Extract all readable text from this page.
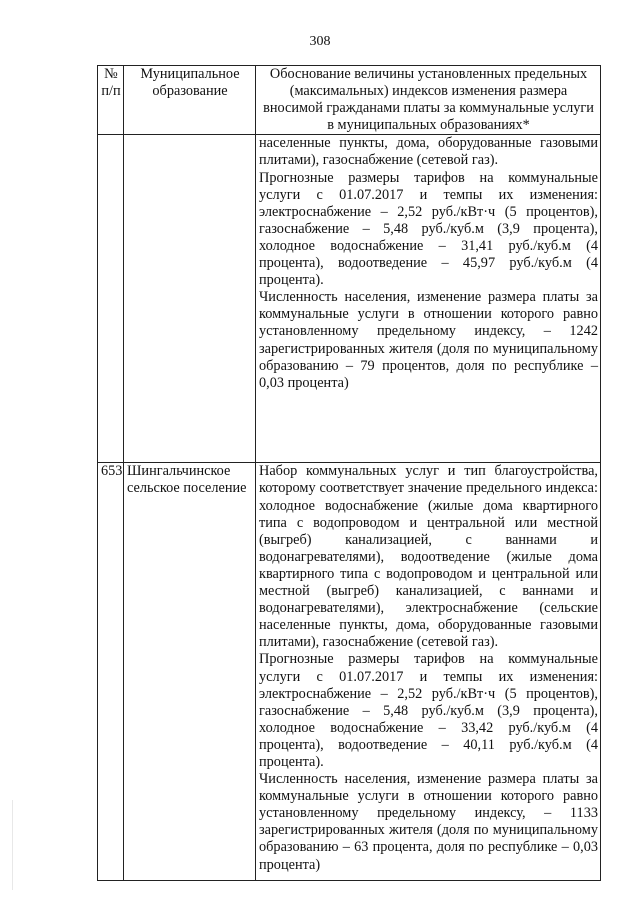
308
№ п/п	Муниципальное образование	Обоснование величины установленных предельных (максимальных) индексов изменения размера вносимой гражданами платы за коммунальные услуги в муниципальных образованиях*

		населенные пункты, дома, оборудованные газовыми плитами), газоснабжение (сетевой газ).

Прогнозные размеры тарифов на коммунальные услуги с 01.07.2017 и темпы их изменения: электроснабжение – 2,52 руб./кВт·ч (5 процентов), газоснабжение – 5,48 руб./куб.м (3,9 процента), холодное водоснабжение – 31,41 руб./куб.м (4 процента), водоотведение – 45,97 руб./куб.м (4 процента).

Численность населения, изменение размера платы за коммунальные услуги в отношении которого равно установленному предельному индексу, – 1242 зарегистрированных жителя (доля по муниципальному образованию – 79 процентов, доля по республике – 0,03 процента)

653	Шингальчинское сельское поселение	Набор коммунальных услуг и тип благоустройства, которому соответствует значение предельного индекса: холодное водоснабжение (жилые дома квартирного типа с водопроводом и центральной или местной (выгреб) канализацией, с ваннами и водонагревателями), водоотведение (жилые дома квартирного типа с водопроводом и центральной или местной (выгреб) канализацией, с ваннами и водонагревателями), электроснабжение (сельские населенные пункты, дома, оборудованные газовыми плитами), газоснабжение (сетевой газ).

Прогнозные размеры тарифов на коммунальные услуги с 01.07.2017 и темпы их изменения: электроснабжение – 2,52 руб./кВт·ч (5 процентов), газоснабжение – 5,48 руб./куб.м (3,9 процента), холодное водоснабжение – 33,42 руб./куб.м (4 процента), водоотведение – 40,11 руб./куб.м (4 процента).

Численность населения, изменение размера платы за коммунальные услуги в отношении которого равно установленному предельному индексу, – 1133 зарегистрированных жителя (доля по муниципальному образованию – 63 процента, доля по республике – 0,03 процента)
